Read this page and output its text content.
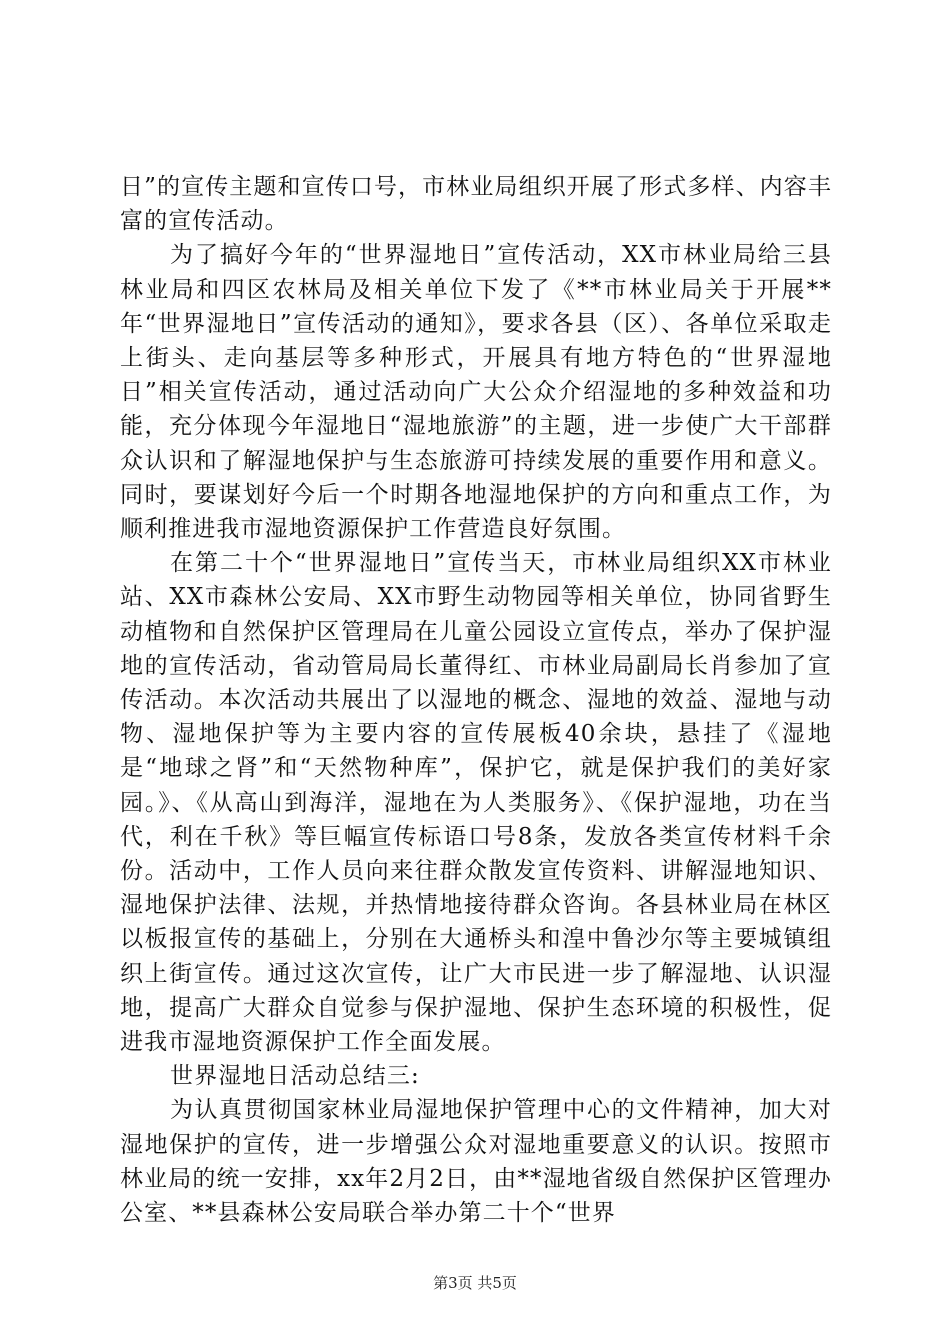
日”的宣传主题和宣传口号，市林业局组织开展了形式多样、内容丰富的宣传活动。

为了搞好今年的“世界湿地日”宣传活动，XX市林业局给三县林业局和四区农林局及相关单位下发了《**市林业局关于开展**年“世界湿地日”宣传活动的通知》，要求各县（区）、各单位采取走上街头、走向基层等多种形式，开展具有地方特色的“世界湿地日”相关宣传活动，通过活动向广大公众介绍湿地的多种效益和功能，充分体现今年湿地日“湿地旅游”的主题，进一步使广大干部群众认识和了解湿地保护与生态旅游可持续发展的重要作用和意义。同时，要谋划好今后一个时期各地湿地保护的方向和重点工作，为顺利推进我市湿地资源保护工作营造良好氛围。

在第二十个“世界湿地日”宣传当天，市林业局组织XX市林业站、XX市森林公安局、XX市野生动物园等相关单位，协同省野生动植物和自然保护区管理局在儿童公园设立宣传点，举办了保护湿地的宣传活动，省动管局局长董得红、市林业局副局长肖参加了宣传活动。本次活动共展出了以湿地的概念、湿地的效益、湿地与动物、湿地保护等为主要内容的宣传展板40余块，悬挂了《湿地是“地球之肾”和“天然物种库”，保护它，就是保护我们的美好家园。》、《从高山到海洋，湿地在为人类服务》、《保护湿地，功在当代，利在千秋》等巨幅宣传标语口号8条，发放各类宣传材料千余份。活动中，工作人员向来往群众散发宣传资料、讲解湿地知识、湿地保护法律、法规，并热情地接待群众咨询。各县林业局在林区以板报宣传的基础上，分别在大通桥头和湟中鲁沙尔等主要城镇组织上街宣传。通过这次宣传，让广大市民进一步了解湿地、认识湿地，提高广大群众自觉参与保护湿地、保护生态环境的积极性，促进我市湿地资源保护工作全面发展。

世界湿地日活动总结三:

为认真贯彻国家林业局湿地保护管理中心的文件精神，加大对湿地保护的宣传，进一步增强公众对湿地重要意义的认识。按照市林业局的统一安排，xx年2月2日，由**湿地省级自然保护区管理办公室、**县森林公安局联合举办第二十个“世界

第3页 共5页
